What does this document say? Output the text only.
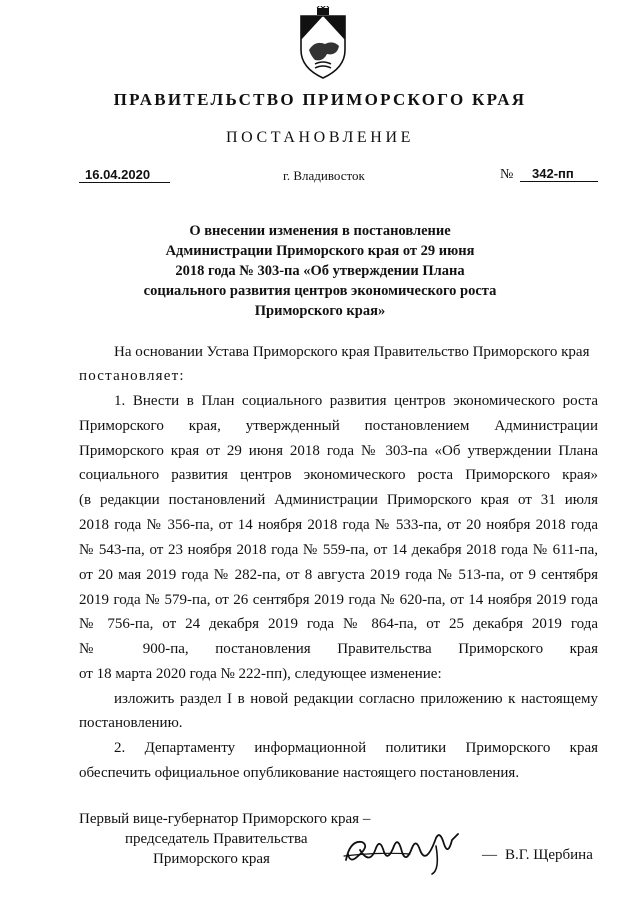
ПРАВИТЕЛЬСТВО ПРИМОРСКОГО КРАЯ
ПОСТАНОВЛЕНИЕ
16.04.2020	г. Владивосток	№	342-пп
О внесении изменения в постановление
Администрации Приморского края от 29 июня
2018 года № 303-па «Об утверждении Плана
социального развития центров экономического роста
Приморского края»
На основании Устава Приморского края Правительство Приморского края
постановляет:
1. Внести в План социального развития центров экономического роста
Приморского края, утвержденный постановлением Администрации
Приморского края от 29 июня 2018 года № 303-па «Об утверждении Плана
социального развития центров экономического роста Приморского края»
(в редакции постановлений Администрации Приморского края от 31 июля
2018 года № 356-па, от 14 ноября 2018 года № 533-па, от 20 ноября 2018 года
№ 543-па, от 23 ноября 2018 года № 559-па, от 14 декабря 2018 года № 611-па,
от 20 мая 2019 года № 282-па, от 8 августа 2019 года № 513-па, от 9 сентября
2019 года № 579-па, от 26 сентября 2019 года № 620-па, от 14 ноября 2019 года
№ 756-па, от 24 декабря 2019 года № 864-па, от 25 декабря 2019 года
№ 900-па, постановления Правительства Приморского края
от 18 марта 2020 года № 222-пп), следующее изменение:
изложить раздел I в новой редакции согласно приложению к настоящему
постановлению.
2. Департаменту информационной политики Приморского края
обеспечить официальное опубликование настоящего постановления.
Первый вице-губернатор Приморского края –
председатель Правительства
Приморского края	— В.Г. Щербина
